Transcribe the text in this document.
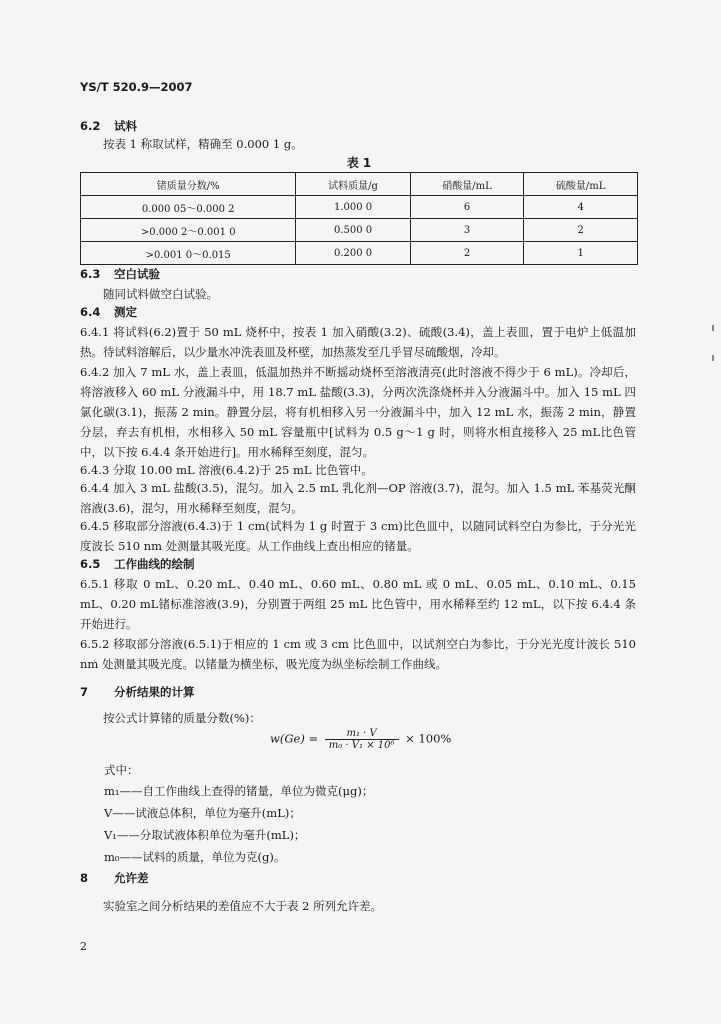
YS/T 520.9—2007
6.2 试料
按表 1 称取试样，精确至 0.000 1 g。
表 1
锗质量分数/%	试料质量/g	硝酸量/mL	硫酸量/mL
0.000 05～0.000 2	1.000 0	6	4
>0.000 2～0.001 0	0.500 0	3	2
>0.001 0～0.015	0.200 0	2	1
6.3 空白试验
随同试料做空白试验。
6.4 测定
6.4.1 将试料(6.2)置于 50 mL 烧杯中，按表 1 加入硝酸(3.2)、硫酸(3.4)，盖上表皿，置于电炉上低温加热。待试料溶解后，以少量水冲洗表皿及杯壁，加热蒸发至几乎冒尽硫酸烟，冷却。
6.4.2 加入 7 mL 水，盖上表皿，低温加热并不断摇动烧杯至溶液清亮(此时溶液不得少于 6 mL)。冷却后，将溶液移入 60 mL 分液漏斗中，用 18.7 mL 盐酸(3.3)，分两次洗涤烧杯并入分液漏斗中。加入 15 mL 四氯化碳(3.1)，振荡 2 min。静置分层，将有机相移入另一分液漏斗中，加入 12 mL 水，振荡 2 min，静置分层，弃去有机相，水相移入 50 mL 容量瓶中[试料为 0.5 g～1 g 时，则将水相直接移入 25 mL比色管中，以下按 6.4.4 条开始进行]。用水稀释至刻度，混匀。
6.4.3 分取 10.00 mL 溶液(6.4.2)于 25 mL 比色管中。
6.4.4 加入 3 mL 盐酸(3.5)，混匀。加入 2.5 mL 乳化剂—OP 溶液(3.7)，混匀。加入 1.5 mL 苯基荧光酮溶液(3.6)，混匀，用水稀释至刻度，混匀。
6.4.5 移取部分溶液(6.4.3)于 1 cm(试料为 1 g 时置于 3 cm)比色皿中，以随同试料空白为参比，于分光光度波长 510 nm 处测量其吸光度。从工作曲线上查出相应的锗量。
6.5 工作曲线的绘制
6.5.1 移取 0 mL、0.20 mL、0.40 mL、0.60 mL、0.80 mL 或 0 mL、0.05 mL、0.10 mL、0.15 mL、0.20 mL锗标准溶液(3.9)，分别置于两组 25 mL 比色管中，用水稀释至约 12 mL，以下按 6.4.4 条开始进行。
6.5.2 移取部分溶液(6.5.1)于相应的 1 cm 或 3 cm 比色皿中，以试剂空白为参比，于分光光度计波长 510 nm 处测量其吸光度。以锗量为横坐标，吸光度为纵坐标绘制工作曲线。
7 分析结果的计算
按公式计算锗的质量分数(%)：
$w(Ge) = \frac{\text{m₁ · V}}{\text{m₀ · V₁ × 10⁶}} \times 100\%$
式中：
m₁——自工作曲线上查得的锗量，单位为微克(μg)；
V——试液总体积，单位为毫升(mL)；
V₁——分取试液体积单位为毫升(mL)；
m₀——试料的质量，单位为克(g)。
8 允许差
实验室之间分析结果的差值应不大于表 2 所列允许差。
2
